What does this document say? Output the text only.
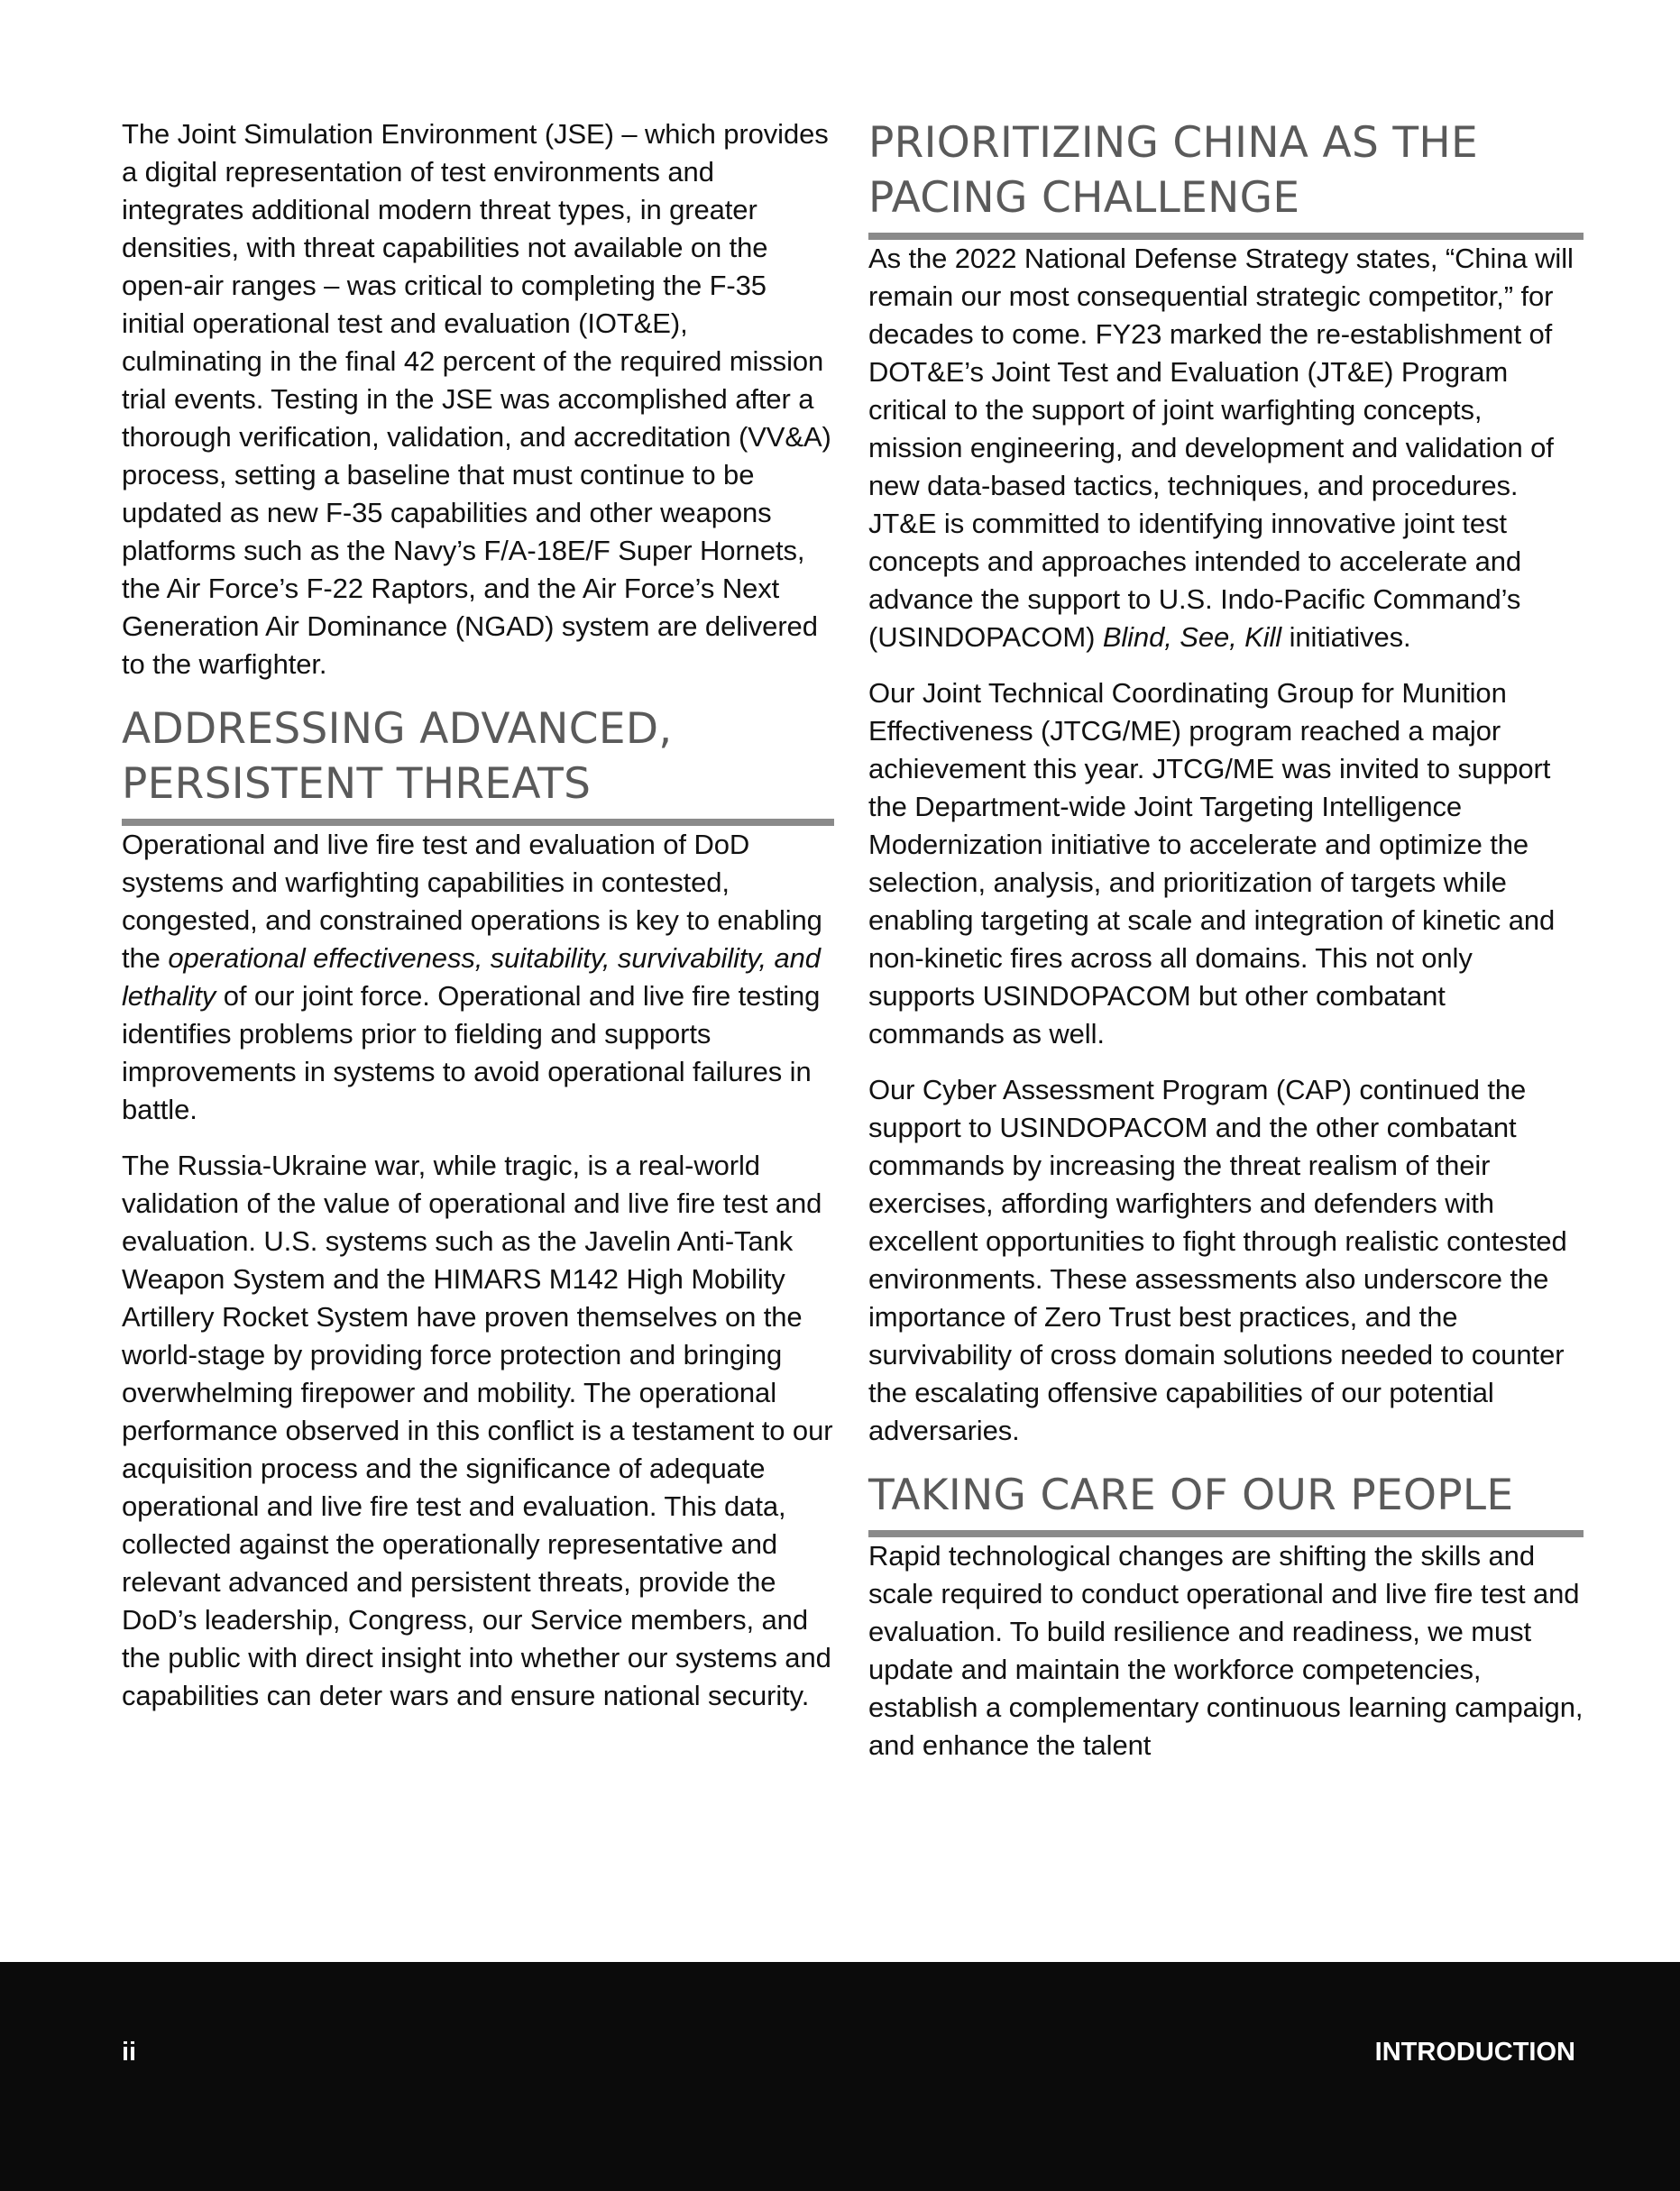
The Joint Simulation Environment (JSE) – which provides a digital representation of test environments and integrates additional modern threat types, in greater densities, with threat capabilities not available on the open-air ranges – was critical to completing the F-35 initial operational test and evaluation (IOT&E), culminating in the final 42 percent of the required mission trial events. Testing in the JSE was accomplished after a thorough verification, validation, and accreditation (VV&A) process, setting a baseline that must continue to be updated as new F-35 capabilities and other weapons platforms such as the Navy’s F/A-18E/F Super Hornets, the Air Force’s F-22 Raptors, and the Air Force’s Next Generation Air Dominance (NGAD) system are delivered to the warfighter.

ADDRESSING ADVANCED, PERSISTENT THREATS

Operational and live fire test and evaluation of DoD systems and warfighting capabilities in contested, congested, and constrained operations is key to enabling the operational effectiveness, suitability, survivability, and lethality of our joint force. Operational and live fire testing identifies problems prior to fielding and supports improvements in systems to avoid operational failures in battle.

The Russia-Ukraine war, while tragic, is a real-world validation of the value of operational and live fire test and evaluation. U.S. systems such as the Javelin Anti-Tank Weapon System and the HIMARS M142 High Mobility Artillery Rocket System have proven themselves on the world-stage by providing force protection and bringing overwhelming firepower and mobility. The operational performance observed in this conflict is a testament to our acquisition process and the significance of adequate operational and live fire test and evaluation. This data, collected against the operationally representative and relevant advanced and persistent threats, provide the DoD’s leadership, Congress, our Service members, and the public with direct insight into whether our systems and capabilities can deter wars and ensure national security.

PRIORITIZING CHINA AS THE PACING CHALLENGE

As the 2022 National Defense Strategy states, “China will remain our most consequential strategic competitor,” for decades to come. FY23 marked the re-establishment of DOT&E’s Joint Test and Evaluation (JT&E) Program critical to the support of joint warfighting concepts, mission engineering, and development and validation of new data-based tactics, techniques, and procedures. JT&E is committed to identifying innovative joint test concepts and approaches intended to accelerate and advance the support to U.S. Indo-Pacific Command’s (USINDOPACOM) Blind, See, Kill initiatives.

Our Joint Technical Coordinating Group for Munition Effectiveness (JTCG/ME) program reached a major achievement this year. JTCG/ME was invited to support the Department-wide Joint Targeting Intelligence Modernization initiative to accelerate and optimize the selection, analysis, and prioritization of targets while enabling targeting at scale and integration of kinetic and non-kinetic fires across all domains. This not only supports USINDOPACOM but other combatant commands as well.

Our Cyber Assessment Program (CAP) continued the support to USINDOPACOM and the other combatant commands by increasing the threat realism of their exercises, affording warfighters and defenders with excellent opportunities to fight through realistic contested environments. These assessments also underscore the importance of Zero Trust best practices, and the survivability of cross domain solutions needed to counter the escalating offensive capabilities of our potential adversaries.

TAKING CARE OF OUR PEOPLE

Rapid technological changes are shifting the skills and scale required to conduct operational and live fire test and evaluation. To build resilience and readiness, we must update and maintain the workforce competencies, establish a complementary continuous learning campaign, and enhance the talent

ii	INTRODUCTION
